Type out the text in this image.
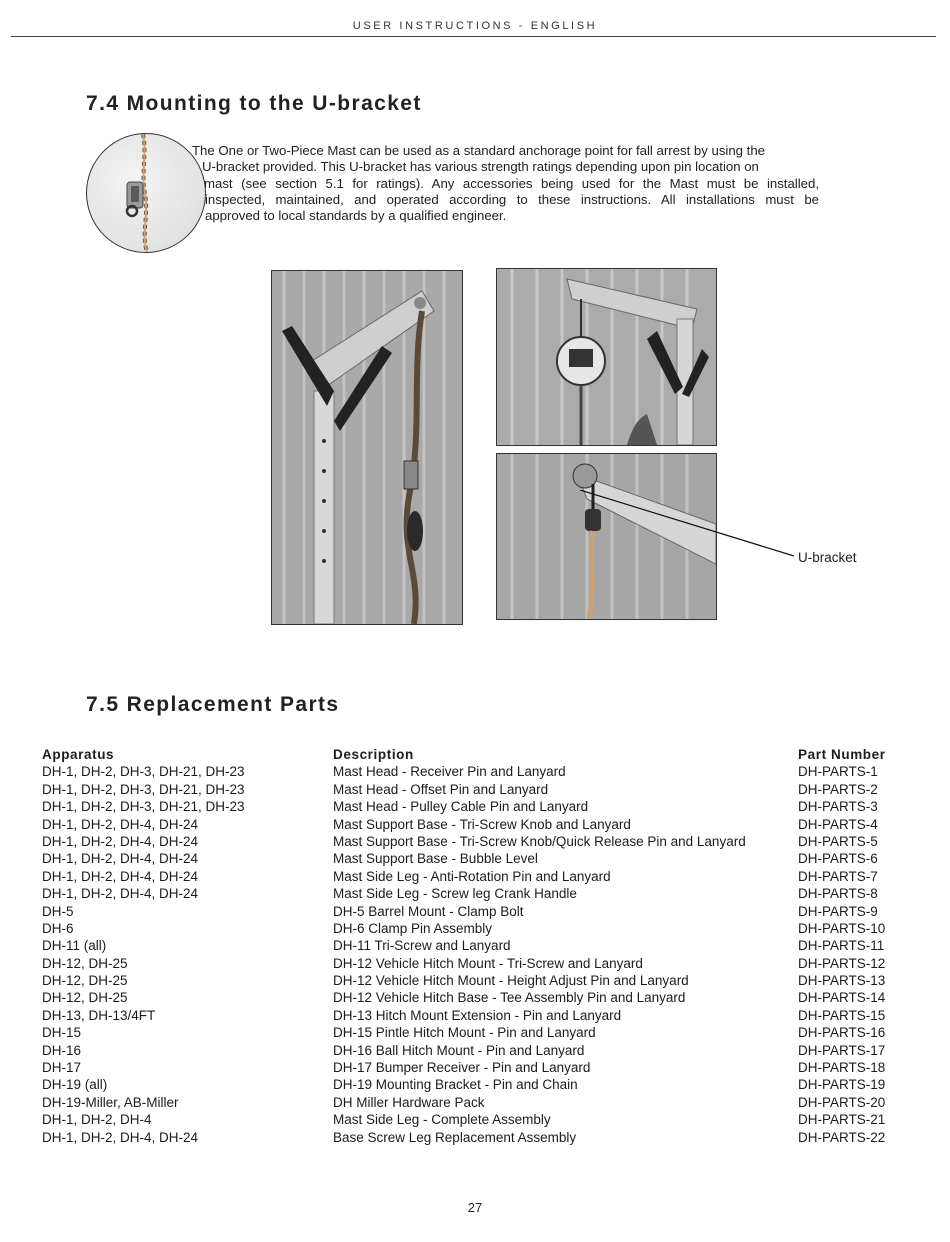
USER INSTRUCTIONS - ENGLISH
7.4 Mounting to the U-bracket

The One or Two-Piece Mast can be used as a standard anchorage point for fall arrest by using the

U-bracket provided. This U-bracket has various strength ratings depending upon pin location on

mast (see section 5.1 for ratings). Any accessories being used for the Mast must be installed,

inspected, maintained, and operated according to these instructions. All installations must be

approved to local standards by a qualified engineer.

U-bracket
7.5 Replacement Parts
Apparatus	Description	Part Number
DH-1, DH-2, DH-3, DH-21, DH-23	Mast Head - Receiver Pin and Lanyard	DH-PARTS-1
DH-1, DH-2, DH-3, DH-21, DH-23	Mast Head - Offset Pin and Lanyard	DH-PARTS-2
DH-1, DH-2, DH-3, DH-21, DH-23	Mast Head - Pulley Cable Pin and Lanyard	DH-PARTS-3
DH-1, DH-2, DH-4, DH-24	Mast Support Base - Tri-Screw Knob and Lanyard	DH-PARTS-4
DH-1, DH-2, DH-4, DH-24	Mast Support Base - Tri-Screw Knob/Quick Release Pin and Lanyard	DH-PARTS-5
DH-1, DH-2, DH-4, DH-24	Mast Support Base - Bubble Level	DH-PARTS-6
DH-1, DH-2, DH-4, DH-24	Mast Side Leg - Anti-Rotation Pin and Lanyard	DH-PARTS-7
DH-1, DH-2, DH-4, DH-24	Mast Side Leg - Screw leg Crank Handle	DH-PARTS-8
DH-5	DH-5 Barrel Mount - Clamp Bolt	DH-PARTS-9
DH-6	DH-6 Clamp Pin Assembly	DH-PARTS-10
DH-11 (all)	DH-11 Tri-Screw and Lanyard	DH-PARTS-11
DH-12, DH-25	DH-12 Vehicle Hitch Mount - Tri-Screw and Lanyard	DH-PARTS-12
DH-12, DH-25	DH-12 Vehicle Hitch Mount - Height Adjust Pin and Lanyard	DH-PARTS-13
DH-12, DH-25	DH-12 Vehicle Hitch Base - Tee Assembly Pin and Lanyard	DH-PARTS-14
DH-13, DH-13/4FT	DH-13 Hitch Mount Extension - Pin and Lanyard	DH-PARTS-15
DH-15	DH-15 Pintle Hitch Mount - Pin and Lanyard	DH-PARTS-16
DH-16	DH-16 Ball Hitch Mount - Pin and Lanyard	DH-PARTS-17
DH-17	DH-17 Bumper Receiver - Pin and Lanyard	DH-PARTS-18
DH-19 (all)	DH-19 Mounting Bracket - Pin and Chain	DH-PARTS-19
DH-19-Miller, AB-Miller	DH Miller Hardware Pack	DH-PARTS-20
DH-1, DH-2, DH-4	Mast Side Leg - Complete Assembly	DH-PARTS-21
DH-1, DH-2, DH-4, DH-24	Base Screw Leg Replacement Assembly	DH-PARTS-22
27
